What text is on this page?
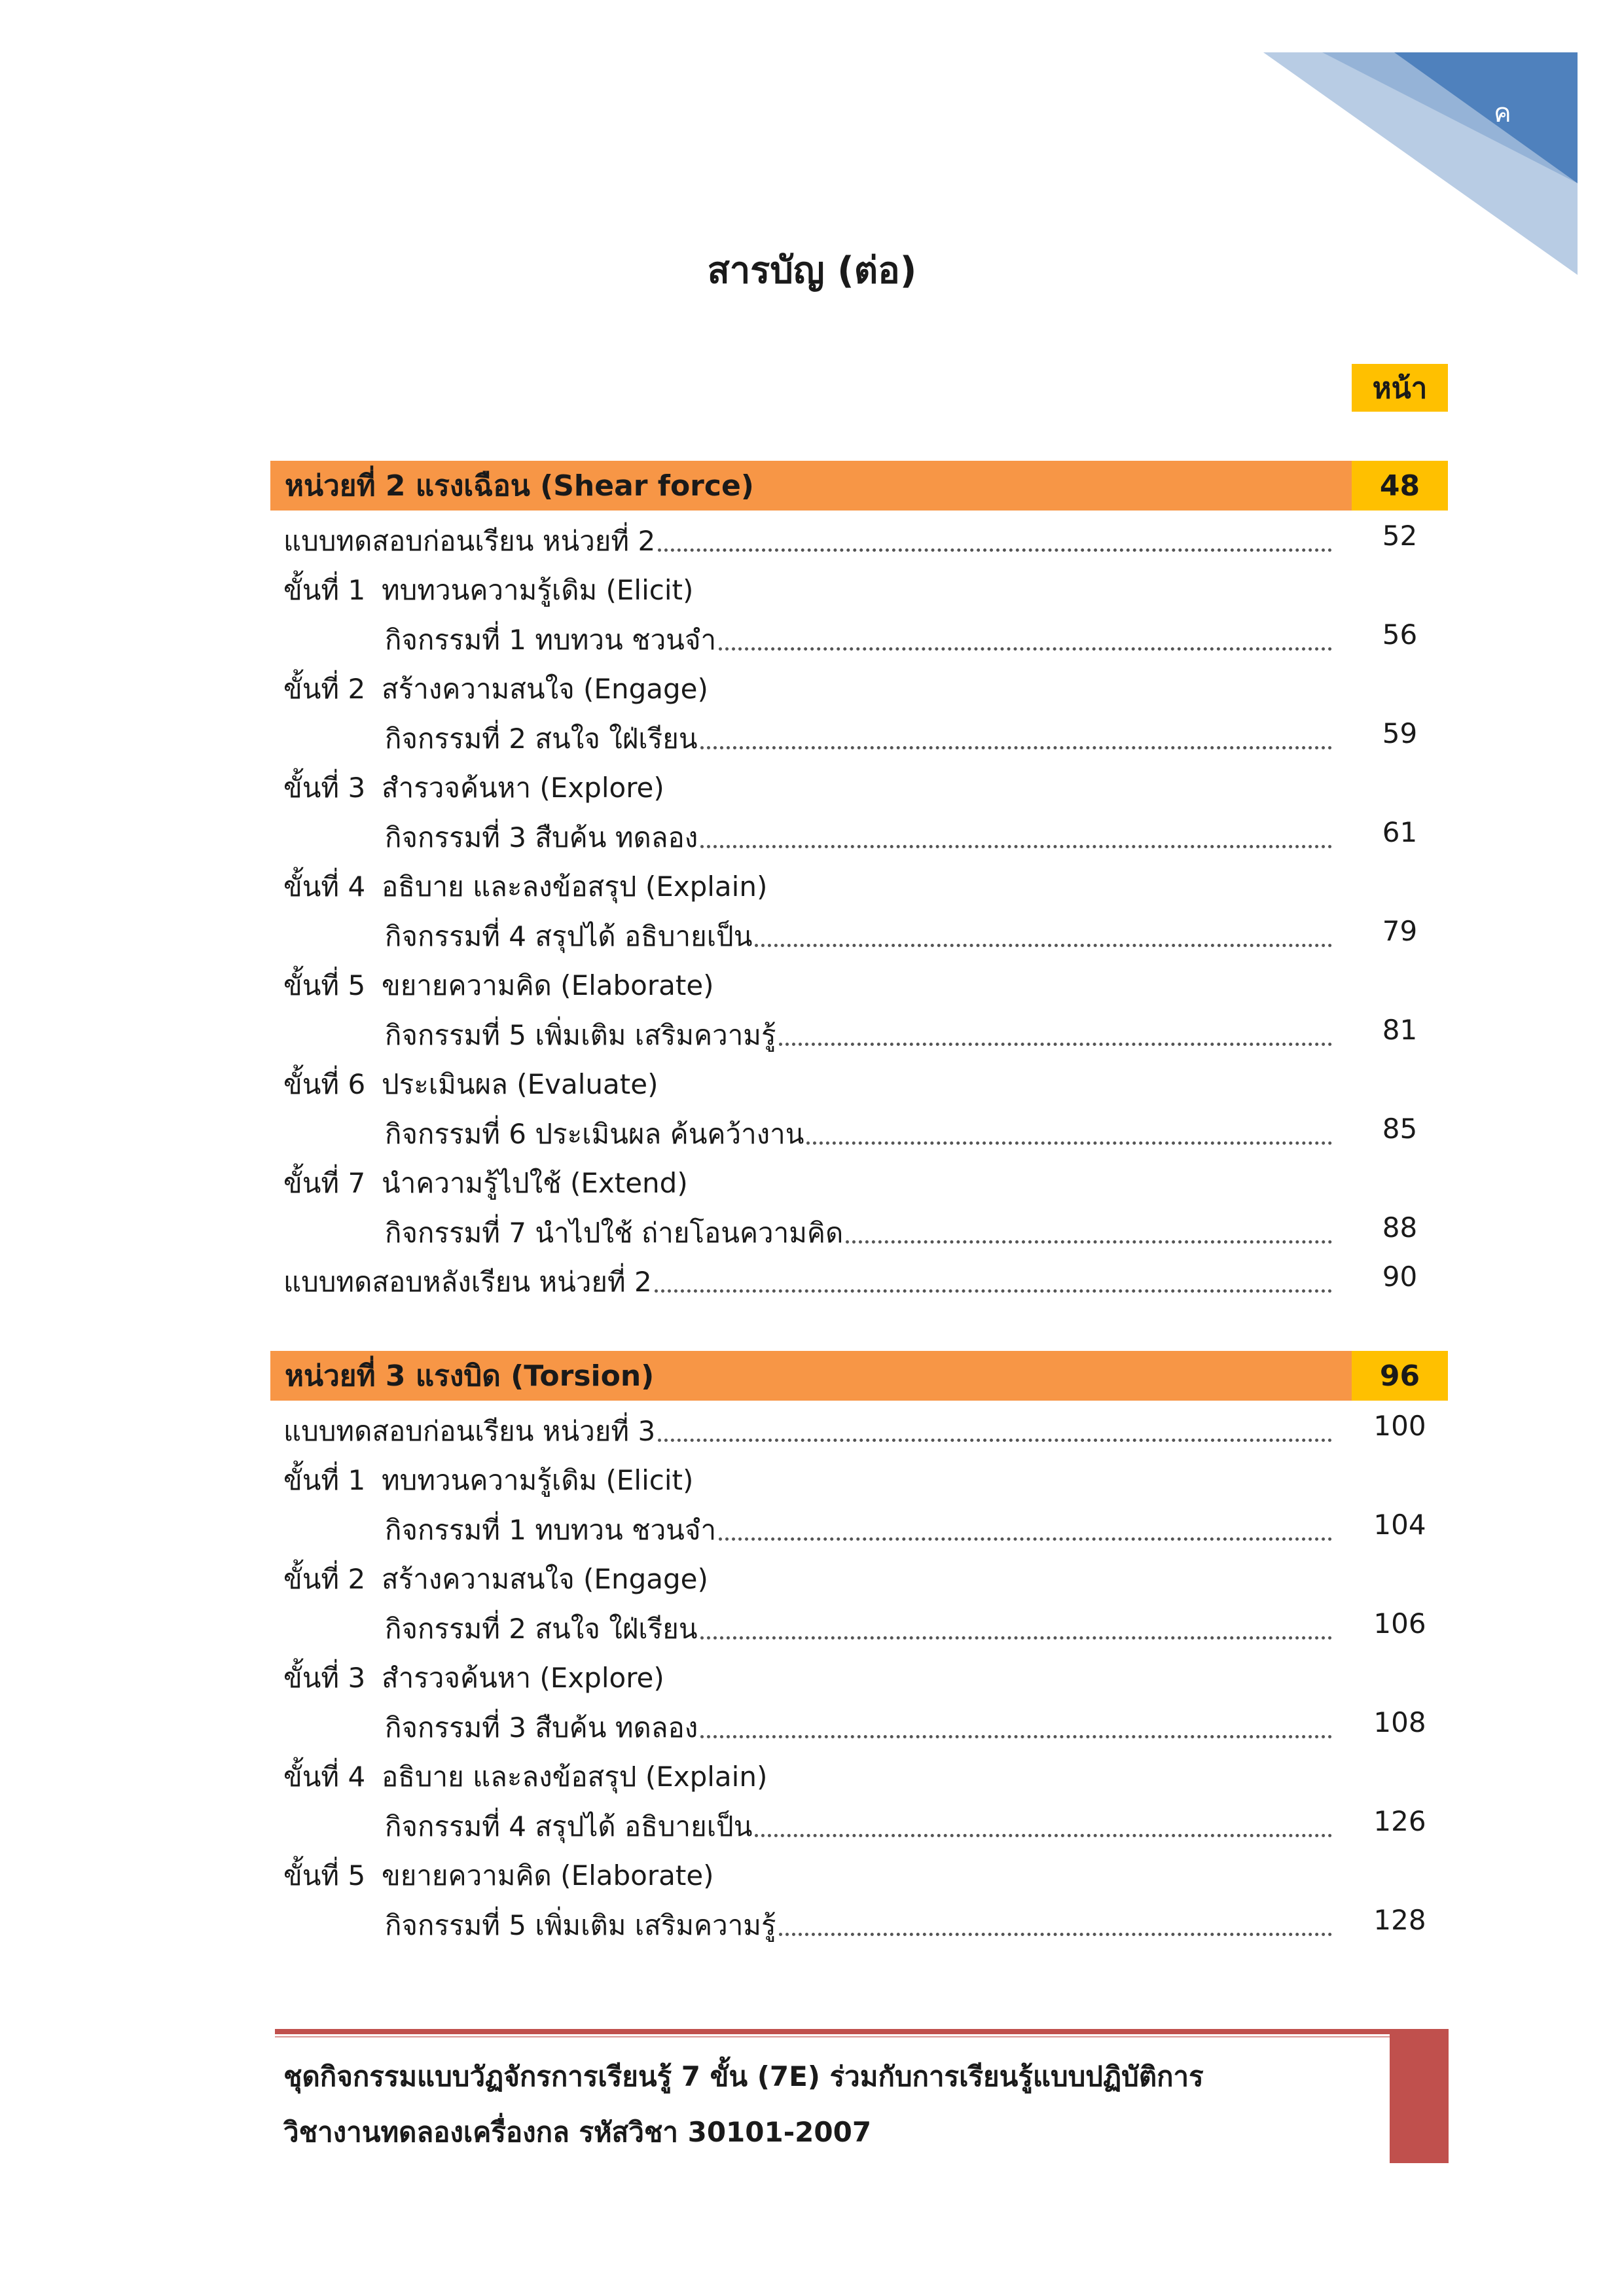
ค
สารบัญ (ต่อ)
หน้า
หน่วยที่ 2 แรงเฉือน (Shear force)	48
แบบทดสอบก่อนเรียน หน่วยที่ 2	52
ขั้นที่ 1 ทบทวนความรู้เดิม (Elicit)
กิจกรรมที่ 1 ทบทวน ชวนจำ	56
ขั้นที่ 2 สร้างความสนใจ (Engage)
กิจกรรมที่ 2 สนใจ ใฝ่เรียน	59
ขั้นที่ 3 สำรวจค้นหา (Explore)
กิจกรรมที่ 3 สืบค้น ทดลอง	61
ขั้นที่ 4 อธิบาย และลงข้อสรุป (Explain)
กิจกรรมที่ 4 สรุปได้ อธิบายเป็น	79
ขั้นที่ 5 ขยายความคิด (Elaborate)
กิจกรรมที่ 5 เพิ่มเติม เสริมความรู้	81
ขั้นที่ 6 ประเมินผล (Evaluate)
กิจกรรมที่ 6 ประเมินผล ค้นคว้างาน	85
ขั้นที่ 7 นำความรู้ไปใช้ (Extend)
กิจกรรมที่ 7 นำไปใช้ ถ่ายโอนความคิด	88
แบบทดสอบหลังเรียน หน่วยที่ 2	90
หน่วยที่ 3 แรงบิด (Torsion)	96
แบบทดสอบก่อนเรียน หน่วยที่ 3	100
ขั้นที่ 1 ทบทวนความรู้เดิม (Elicit)
กิจกรรมที่ 1 ทบทวน ชวนจำ	104
ขั้นที่ 2 สร้างความสนใจ (Engage)
กิจกรรมที่ 2 สนใจ ใฝ่เรียน	106
ขั้นที่ 3 สำรวจค้นหา (Explore)
กิจกรรมที่ 3 สืบค้น ทดลอง	108
ขั้นที่ 4 อธิบาย และลงข้อสรุป (Explain)
กิจกรรมที่ 4 สรุปได้ อธิบายเป็น	126
ขั้นที่ 5 ขยายความคิด (Elaborate)
กิจกรรมที่ 5 เพิ่มเติม เสริมความรู้	128
ชุดกิจกรรมแบบวัฏจักรการเรียนรู้ 7 ขั้น (7E) ร่วมกับการเรียนรู้แบบปฏิบัติการ
วิชางานทดลองเครื่องกล รหัสวิชา 30101-2007
